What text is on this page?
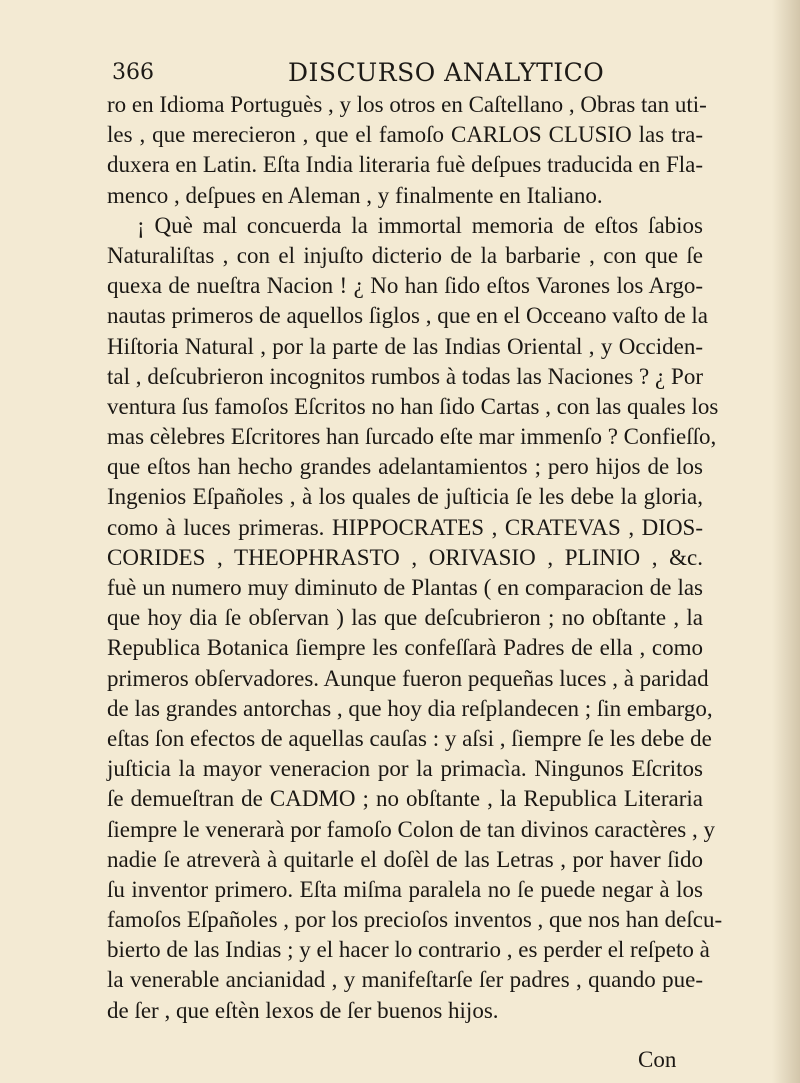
366	DISCURSO ANALYTICO
ro en Idioma Portuguès , y los otros en Caſtellano , Obras tan uti-
les , que merecieron , que el famoſo CARLOS CLUSIO las tra-
duxera en Latin. Eſta India literaria fuè deſpues traducida en Fla-
menco , deſpues en Aleman , y finalmente en Italiano.
¡ Què mal concuerda la immortal memoria de eſtos ſabios
Naturaliſtas , con el injuſto dicterio de la barbarie , con que ſe
quexa de nueſtra Nacion ! ¿ No han ſido eſtos Varones los Argo-
nautas primeros de aquellos ſiglos , que en el Occeano vaſto de la
Hiſtoria Natural , por la parte de las Indias Oriental , y Occiden-
tal , deſcubrieron incognitos rumbos à todas las Naciones ? ¿ Por
ventura ſus famoſos Eſcritos no han ſido Cartas , con las quales los
mas cèlebres Eſcritores han ſurcado eſte mar immenſo ? Confieſſo,
que eſtos han hecho grandes adelantamientos ; pero hijos de los
Ingenios Eſpañoles , à los quales de juſticia ſe les debe la gloria,
como à luces primeras. HIPPOCRATES , CRATEVAS , DIOS-
CORIDES , THEOPHRASTO , ORIVASIO , PLINIO , &c.
fuè un numero muy diminuto de Plantas ( en comparacion de las
que hoy dia ſe obſervan ) las que deſcubrieron ; no obſtante , la
Republica Botanica ſiempre les confeſſarà Padres de ella , como
primeros obſervadores. Aunque fueron pequeñas luces , à paridad
de las grandes antorchas , que hoy dia reſplandecen ; ſin embargo,
eſtas ſon efectos de aquellas cauſas : y aſsi , ſiempre ſe les debe de
juſticia la mayor veneracion por la primacìa. Ningunos Eſcritos
ſe demueſtran de CADMO ; no obſtante , la Republica Literaria
ſiempre le venerarà por famoſo Colon de tan divinos caractères , y
nadie ſe atreverà à quitarle el doſèl de las Letras , por haver ſido
ſu inventor primero. Eſta miſma paralela no ſe puede negar à los
famoſos Eſpañoles , por los precioſos inventos , que nos han deſcu-
bierto de las Indias ; y el hacer lo contrario , es perder el reſpeto à
la venerable ancianidad , y manifeſtarſe ſer padres , quando pue-
de ſer , que eſtèn lexos de ſer buenos hijos.
Con
